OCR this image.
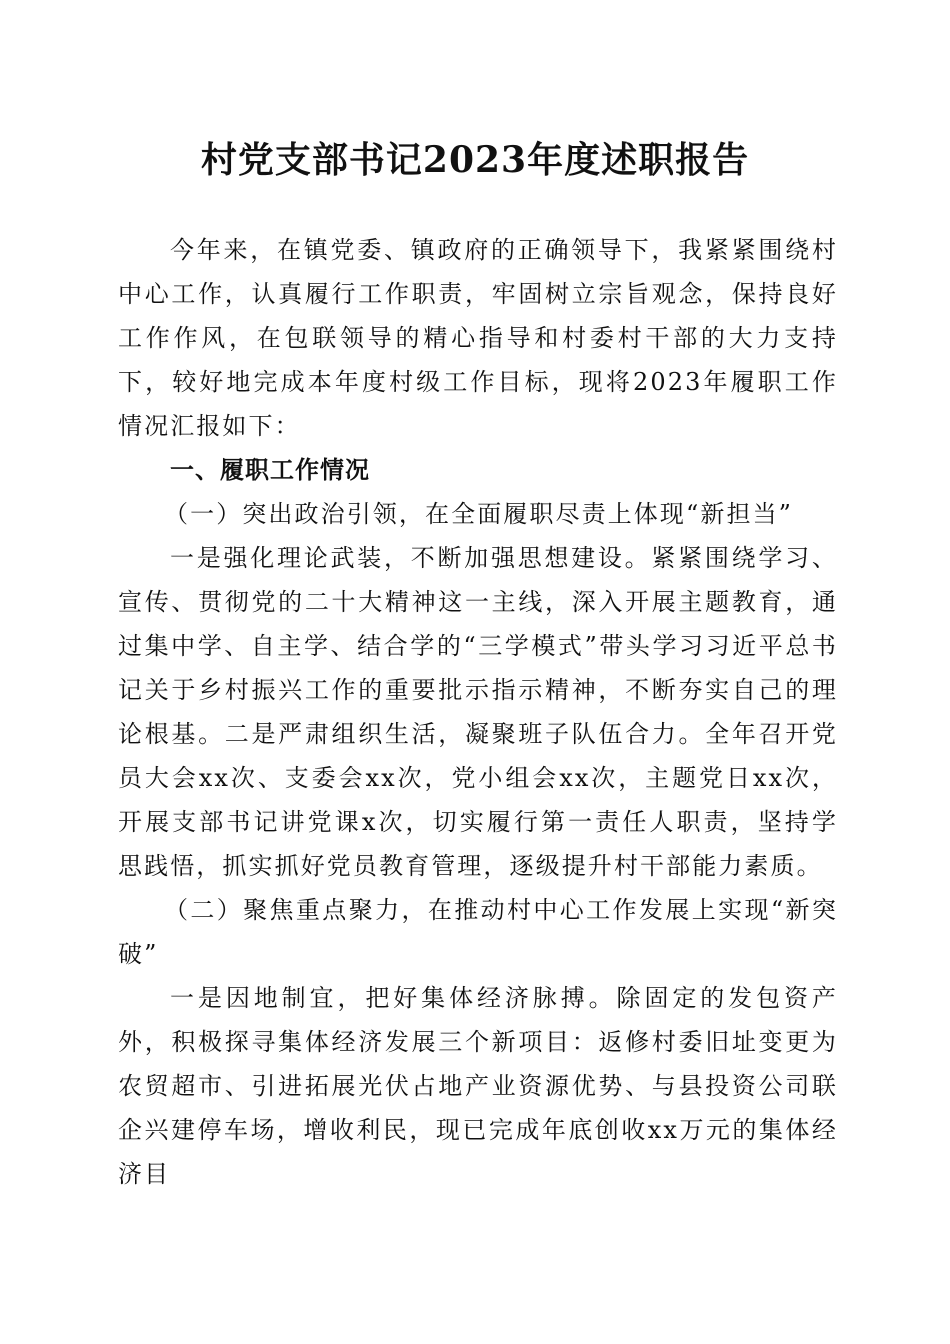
村党支部书记2023年度述职报告

今年来，在镇党委、镇政府的正确领导下，我紧紧围绕村中心工作，认真履行工作职责，牢固树立宗旨观念，保持良好工作作风，在包联领导的精心指导和村委村干部的大力支持下，较好地完成本年度村级工作目标，现将2023年履职工作情况汇报如下：

一、履职工作情况

（一）突出政治引领，在全面履职尽责上体现“新担当”

一是强化理论武装，不断加强思想建设。紧紧围绕学习、宣传、贯彻党的二十大精神这一主线，深入开展主题教育，通过集中学、自主学、结合学的“三学模式”带头学习习近平总书记关于乡村振兴工作的重要批示指示精神，不断夯实自己的理论根基。二是严肃组织生活，凝聚班子队伍合力。全年召开党员大会xx次、支委会xx次，党小组会xx次，主题党日xx次，开展支部书记讲党课x次，切实履行第一责任人职责，坚持学思践悟，抓实抓好党员教育管理，逐级提升村干部能力素质。

（二）聚焦重点聚力，在推动村中心工作发展上实现“新突破”

一是因地制宜，把好集体经济脉搏。除固定的发包资产外，积极探寻集体经济发展三个新项目：返修村委旧址变更为农贸超市、引进拓展光伏占地产业资源优势、与县投资公司联企兴建停车场，增收利民，现已完成年底创收xx万元的集体经济目
